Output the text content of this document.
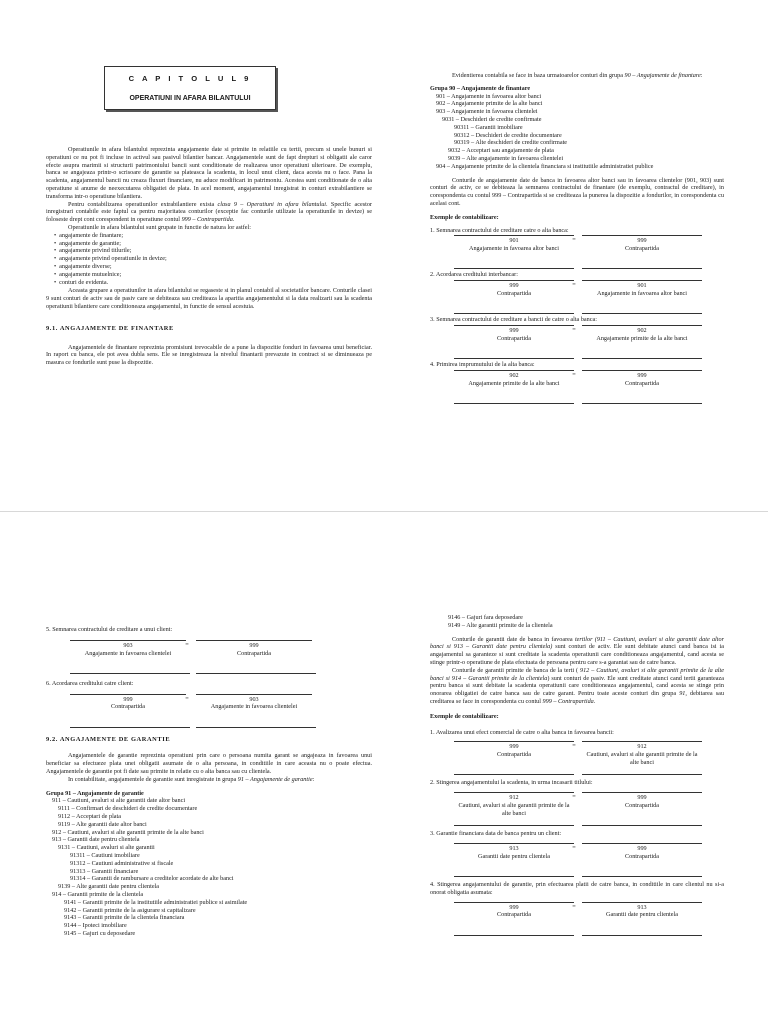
C A P I T O L U L 9
OPERATIUNI IN AFARA BILANTULUI

Operatiunile in afara bilantului reprezinta angajamente date si primite in relatiile cu tertii, precum si unele bunuri si operatiuni ce nu pot fi incluse in activul sau pasivul bilantier bancar. Angajamentele sunt de fapt drepturi si obligatii ale caror efecte asupra marimii si structurii patrimoniului bancii sunt conditionate de realizarea unor operatiuni ulterioare. De exemplu, banca se angajeaza printr-o scrisoare de garantie sa plateasca la scadenta, in locul unui client, daca acesta nu o face. Pana la scadenta, angajamentul bancii nu creaza fluxuri financiare, nu aduce modificari in patrimoniu. Acestea sunt conditionate de o alta operatiune si anume de neexecutarea obligatiei de plata. In acel moment, angajamentul inregistrat in conturi extrabilantiere se transforma intr-o operatiune bilantiera.

Pentru contabilizarea operatiunilor extrabilantiere exista clasa 9 – Operatiuni in afara bilantului. Specific acestor inregistrari contabile este faptul ca pentru majoritatea conturilor (exceptie fac conturile utilizate la operatiunile in devize) se foloseste drept cont corespondent in operatiune contul 999 – Contrapartida.

Operatiunile in afara bilantului sunt grupate in functie de natura lor astfel:

• angajamente de finantare;
• angajamente de garantie;
• angajamente privind titlurile;
• angajamente privind operatiunile in devize;
• angajamente diverse;
• angajamente mutuelnice;
• conturi de evidenta.

Aceasta grupare a operatiunilor in afara bilantului se regaseste si in planul contabil al societatilor bancare. Conturile clasei 9 sunt conturi de activ sau de pasiv care se debiteaza sau crediteaza la aparitia angajamentului si la data realizarii sau la scadenta operatiunii bilantiere care conditioneaza angajamentul, in functie de sensul acestuia.

9.1. ANGAJAMENTE DE FINANTARE

Angajamentele de finantare reprezinta promisiuni irevocabile de a pune la dispozitie fonduri in favoarea unui beneficiar. In raport cu banca, ele pot avea dubla sens. Ele se inregistreaza la nivelul finantarii prevazute in contract si se diminueaza pe masura ce fondurile sunt puse la dispozitie.

Evidentierea contabila se face in baza urmatoarelor conturi din grupa 90 – Angajamente de finantare:

Grupa 90 – Angajamente de finantare
901 – Angajamente in favoarea altor banci
902 – Angajamente primite de la alte banci
903 – Angajamente in favoarea clientelei
9031 – Deschideri de credite confirmate
90311 – Garantii imobiliare
90312 – Deschideri de credite documentare
90319 – Alte deschideri de credite confirmate
9032 – Acceptari sau angajamente de plata
9039 – Alte angajamente in favoarea clientelei
904 – Angajamente primite de la clientela financiara si institutiile administratiei publice

Conturile de angajamente date de banca in favoarea altor banci sau in favoarea clientelor (901, 903) sunt conturi de activ, ce se debiteaza la semnarea contractului de finantare (de exemplu, contractul de creditare), in corespondenta cu contul 999 – Contrapartida si se crediteaza la punerea la dispozitie a fondurilor, in corespondenta cu acelasi cont.

Exemple de contabilizare:

1. Semnarea contractului de creditare catre o alta banca:

901
Angajamente in favoarea altor banci
=	999
Contrapartida

2. Acordarea creditului interbancar:

999
Contrapartida
=	901
Angajamente in favoarea altor banci

3. Semnarea contractului de creditare a bancii de catre o alta banca:

999
Contrapartida
=	902
Angajamente primite de la alte banci

4. Primirea imprumutului de la alta banca:

902
Angajamente primite de la alte banci
=	999
Contrapartida

5. Semnarea contractului de creditare a unui client:

903
Angajamente in favoarea clientelei
=	999
Contrapartida

6. Acordarea creditului catre client:

999
Contrapartida
=	903
Angajamente in favoarea clientelei

9.2. ANGAJAMENTE DE GARANTIE

Angajamentele de garantie reprezinta operatiuni prin care o persoana numita garant se angajeaza in favoarea unui beneficiar sa efectueze plata unei obligatii asumate de o alta persoana, in conditiile in care aceasta nu o poate efectua. Angajamentele de garantie pot fi date sau primite in relatie cu o alta banca sau cu clientela.

In contabilitate, angajamentele de garantie sunt inregistrate in grupa 91 – Angajamente de garantie:

Grupa 91 – Angajamente de garantie
911 – Cautiuni, avaluri si alte garantii date altor banci
9111 – Confirmari de deschideri de credite documentare
9112 – Acceptari de plata
9119 – Alte garantii date altor banci
912 – Cautiuni, avaluri si alte garantii primite de la alte banci
913 – Garantii date pentru clientela
9131 – Cautiuni, avaluri si alte garantii
91311 – Cautiuni imobiliare
91312 – Cautiuni administrative si fiscale
91313 – Garantii financiare
91314 – Garantii de rambursare a creditelor acordate de alte banci
9139 – Alte garantii date pentru clientela
914 – Garantii primite de la clientela
9141 – Garantii primite de la institutiile administratiei publice si asimilate
9142 – Garantii primite de la asigurare si capitalizare
9143 – Garantii primite de la clientela financiara
9144 – Ipoteci imobiliare
9145 – Gajuri cu deposedare
9146 – Gajuri fara deposedare
9149 – Alte garantii primite de la clientela

Conturile de garantii date de banca in favoarea tertilor (911 – Cautiuni, avaluri si alte garantii date altor banci si 913 – Garantii date pentru clientela) sunt conturi de activ. Ele sunt debitate atunci cand banca isi ia angajamentul sa garanteze si sunt creditate la scadenta operatiunii care conditioneaza angajamentul, cand acesta se stinge printr-o operatiune de plata efectuata de persoana pentru care s-a garantat sau de catre banca.

Conturile de garantii primite de banca de la terti ( 912 – Cautiuni, avaluri si alte garantii primite de la alte banci si 914 – Garantii primite de la clientela) sunt conturi de pasiv. Ele sunt creditate atunci cand tertii garanteaza pentru banca si sunt debitate la scadenta operatiunii care conditioneaza angajamentul, cand acesta se stinge prin onorarea obligatiei de catre banca sau de catre garant. Pentru toate aceste conturi din grupa 91, debitarea sau creditarea se face in corespondenta cu contul 999 – Contrapartida.

Exemple de contabilizare:

1. Avalizarea unui efect comercial de catre o alta banca in favoarea bancii:

999
Contrapartida
=	912
Cautiuni, avaluri si alte garantii primite de la alte banci

2. Stingerea angajamentului la scadenta, in urma incasarii titlului:

912
Cautiuni, avaluri si alte garantii primite de la alte banci
=	999
Contrapartida

3. Garantie financiara data de banca pentru un client:

913
Garantii date pentru clientela
=	999
Contrapartida

4. Stingerea angajamentului de garantie, prin efectuarea platii de catre banca, in conditiile in care clientul nu si-a onorat obligatia asumata:

999
Contrapartida
=	913
Garantii date pentru clientela
